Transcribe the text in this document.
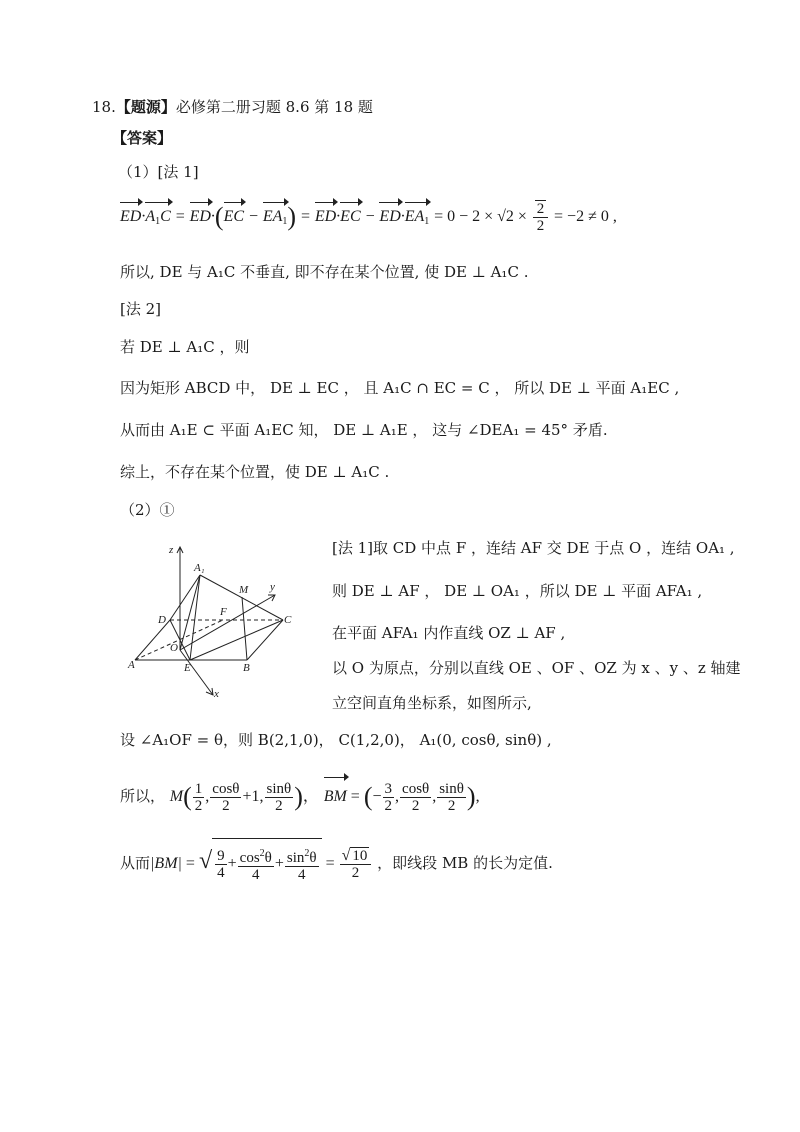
18.【题源】必修第二册习题 8.6 第 18 题
【答案】
（1）[法 1]
$ED\cdot A_1C = ED\cdot(EC - EA_1) = ED\cdot EC - ED\cdot EA_1 = 0 - 2 \times √2 \times \frac{2}{2} = -2 \ne 0$ ,
所以, DE 与 A₁C 不垂直, 即不存在某个位置, 使 DE ⊥ A₁C .
[法 2]
若 DE ⊥ A₁C ，则
因为矩形 ABCD 中， DE ⊥ EC ， 且 A₁C ∩ EC = C ， 所以 DE ⊥ 平面 A₁EC ,
从而由 A₁E ⊂ 平面 A₁EC 知， DE ⊥ A₁E ， 这与 ∠DEA₁ = 45° 矛盾.
综上，不存在某个位置，使 DE ⊥ A₁C .
（2）①
z
A₁
M y
D
F
C
O
A	E	B
x
[法 1]取 CD 中点 F ，连结 AF 交 DE 于点 O ，连结 OA₁ ,
则 DE ⊥ AF ， DE ⊥ OA₁ ，所以 DE ⊥ 平面 AFA₁ ,
在平面 AFA₁ 内作直线 OZ ⊥ AF ,
以 O 为原点，分别以直线 OE 、OF 、OZ 为 x 、y 、z 轴建
立空间直角坐标系，如图所示,
设 ∠A₁OF = θ，则 B(2,1,0)， C(1,2,0)， A₁(0, cosθ, sinθ) ,
所以， $M( \frac{1}{2}$ , $\frac{\cos\theta}{2} +1$, $\frac{\sin\theta}{2}$ )， BM = (− $\frac{3}{2}$ , $\frac{\cos\theta}{2}$ , $\frac{\sin\theta}{2}$ ),
从而|BM| = √ $\frac{9}{4} + \frac{\cos^2\theta}{4} + \frac{\sin^2\theta}{4} = \frac{√ 10}{2}$ ，即线段 MB 的长为定值.
